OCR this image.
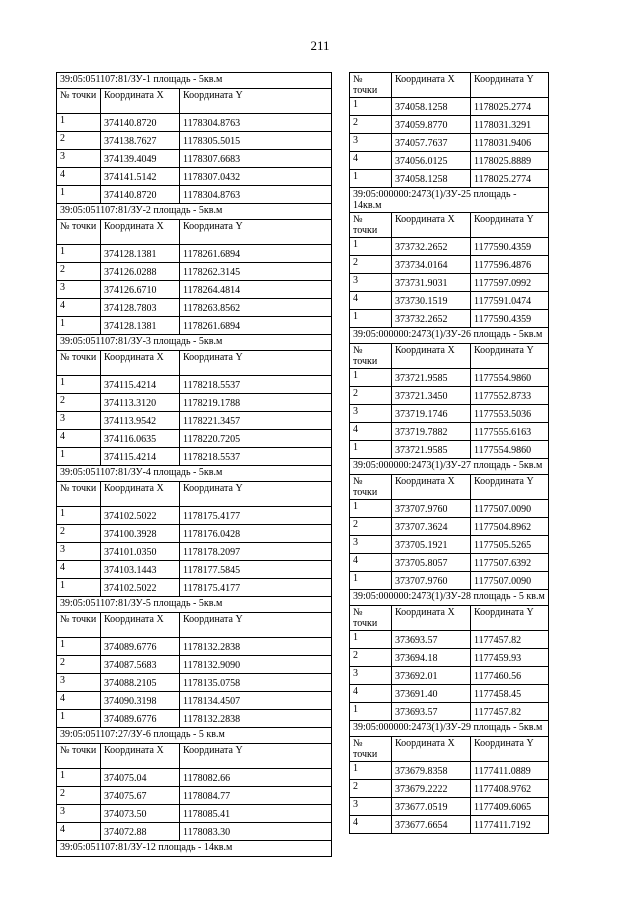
211
39:05:051107:81/ЗУ-1 площадь - 5кв.м		
№ точки	Координата X	Координата Y
1	374140.8720	1178304.8763
2	374138.7627	1178305.5015
3	374139.4049	1178307.6683
4	374141.5142	1178307.0432
1	374140.8720	1178304.8763
39:05:051107:81/ЗУ-2 площадь - 5кв.м		
№ точки	Координата X	Координата Y
1	374128.1381	1178261.6894
2	374126.0288	1178262.3145
3	374126.6710	1178264.4814
4	374128.7803	1178263.8562
1	374128.1381	1178261.6894
39:05:051107:81/ЗУ-3 площадь - 5кв.м		
№ точки	Координата X	Координата Y
1	374115.4214	1178218.5537
2	374113.3120	1178219.1788
3	374113.9542	1178221.3457
4	374116.0635	1178220.7205
1	374115.4214	1178218.5537
39:05:051107:81/ЗУ-4 площадь - 5кв.м		
№ точки	Координата X	Координата Y
1	374102.5022	1178175.4177
2	374100.3928	1178176.0428
3	374101.0350	1178178.2097
4	374103.1443	1178177.5845
1	374102.5022	1178175.4177
39:05:051107:81/ЗУ-5 площадь - 5кв.м		
№ точки	Координата X	Координата Y
1	374089.6776	1178132.2838
2	374087.5683	1178132.9090
3	374088.2105	1178135.0758
4	374090.3198	1178134.4507
1	374089.6776	1178132.2838
39:05:051107:27/ЗУ-6 площадь - 5 кв.м		
№ точки	Координата X	Координата Y
1	374075.04	1178082.66
2	374075.67	1178084.77
3	374073.50	1178085.41
4	374072.88	1178083.30
39:05:051107:81/ЗУ-12 площадь - 14кв.м		
№ точки	Координата X	Координата Y
1	374058.1258	1178025.2774
2	374059.8770	1178031.3291
3	374057.7637	1178031.9406
4	374056.0125	1178025.8889
1	374058.1258	1178025.2774
39:05:000000:2473(1)/ЗУ-25 площадь - 14кв.м		
№ точки	Координата X	Координата Y
1	373732.2652	1177590.4359
2	373734.0164	1177596.4876
3	373731.9031	1177597.0992
4	373730.1519	1177591.0474
1	373732.2652	1177590.4359
39:05:000000:2473(1)/ЗУ-26 площадь - 5кв.м		
№ точки	Координата X	Координата Y
1	373721.9585	1177554.9860
2	373721.3450	1177552.8733
3	373719.1746	1177553.5036
4	373719.7882	1177555.6163
1	373721.9585	1177554.9860
39:05:000000:2473(1)/ЗУ-27 площадь - 5кв.м		
№ точки	Координата X	Координата Y
1	373707.9760	1177507.0090
2	373707.3624	1177504.8962
3	373705.1921	1177505.5265
4	373705.8057	1177507.6392
1	373707.9760	1177507.0090
39:05:000000:2473(1)/ЗУ-28 площадь - 5 кв.м		
№ точки	Координата X	Координата Y
1	373693.57	1177457.82
2	373694.18	1177459.93
3	373692.01	1177460.56
4	373691.40	1177458.45
1	373693.57	1177457.82
39:05:000000:2473(1)/ЗУ-29 площадь - 5кв.м		
№ точки	Координата X	Координата Y
1	373679.8358	1177411.0889
2	373679.2222	1177408.9762
3	373677.0519	1177409.6065
4	373677.6654	1177411.7192
